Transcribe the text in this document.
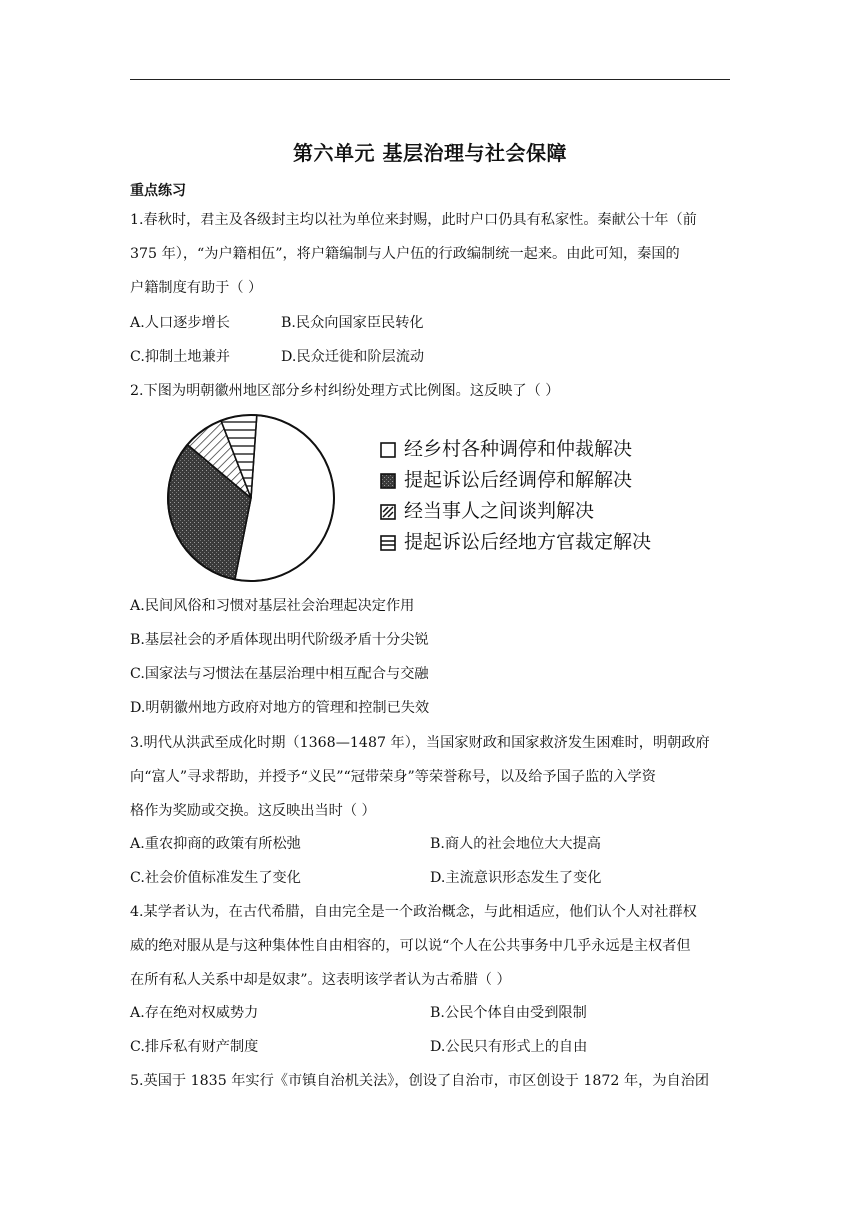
第六单元 基层治理与社会保障
重点练习
1.春秋时，君主及各级封主均以社为单位来封赐，此时户口仍具有私家性。秦献公十年（前
375 年），“为户籍相伍”，将户籍编制与人户伍的行政编制统一起来。由此可知，秦国的
户籍制度有助于（ ）
A.人口逐步增长	B.民众向国家臣民转化
C.抑制土地兼并	D.民众迁徙和阶层流动
2.下图为明朝徽州地区部分乡村纠纷处理方式比例图。这反映了（ ）
经乡村各种调停和仲裁解决
提起诉讼后经调停和解解决
经当事人之间谈判解决
提起诉讼后经地方官裁定解决
A.民间风俗和习惯对基层社会治理起决定作用
B.基层社会的矛盾体现出明代阶级矛盾十分尖锐
C.国家法与习惯法在基层治理中相互配合与交融
D.明朝徽州地方政府对地方的管理和控制已失效
3.明代从洪武至成化时期（1368—1487 年），当国家财政和国家救济发生困难时，明朝政府
向“富人”寻求帮助，并授予“义民”“冠带荣身”等荣誉称号，以及给予国子监的入学资
格作为奖励或交换。这反映出当时（ ）
A.重农抑商的政策有所松弛	B.商人的社会地位大大提高
C.社会价值标准发生了变化	D.主流意识形态发生了变化
4.某学者认为，在古代希腊，自由完全是一个政治概念，与此相适应，他们认个人对社群权
威的绝对服从是与这种集体性自由相容的，可以说“个人在公共事务中几乎永远是主权者但
在所有私人关系中却是奴隶”。这表明该学者认为古希腊（ ）
A.存在绝对权威势力	B.公民个体自由受到限制
C.排斥私有财产制度	D.公民只有形式上的自由
5.英国于 1835 年实行《市镇自治机关法》，创设了自治市，市区创设于 1872 年，为自治团
